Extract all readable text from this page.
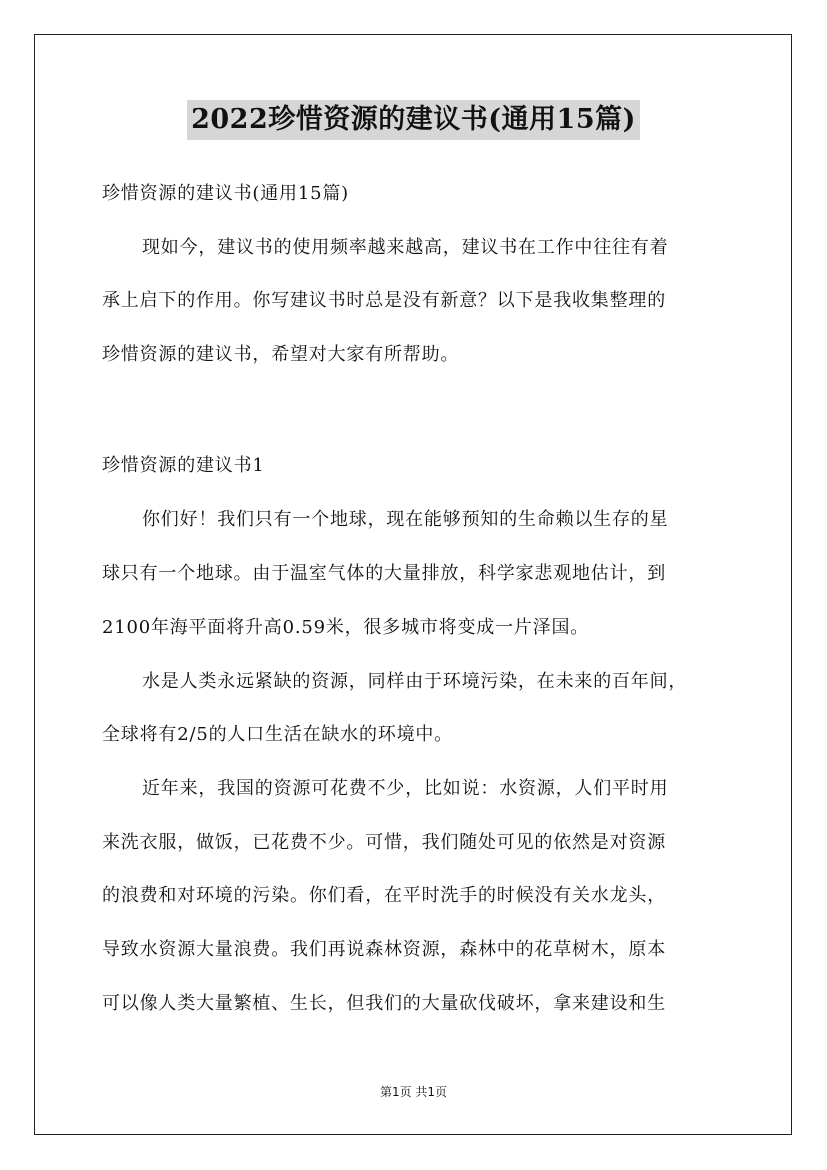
2022珍惜资源的建议书(通用15篇)
珍惜资源的建议书(通用15篇)
现如今，建议书的使用频率越来越高，建议书在工作中往往有着
承上启下的作用。你写建议书时总是没有新意？以下是我收集整理的
珍惜资源的建议书，希望对大家有所帮助。
珍惜资源的建议书1
你们好！我们只有一个地球，现在能够预知的生命赖以生存的星
球只有一个地球。由于温室气体的大量排放，科学家悲观地估计，到
2100年海平面将升高0.59米，很多城市将变成一片泽国。
水是人类永远紧缺的资源，同样由于环境污染，在未来的百年间，
全球将有2/5的人口生活在缺水的环境中。
近年来，我国的资源可花费不少，比如说：水资源，人们平时用
来洗衣服，做饭，已花费不少。可惜，我们随处可见的依然是对资源
的浪费和对环境的污染。你们看，在平时洗手的时候没有关水龙头，
导致水资源大量浪费。我们再说森林资源，森林中的花草树木，原本
可以像人类大量繁植、生长，但我们的大量砍伐破坏，拿来建设和生
第1页 共1页
